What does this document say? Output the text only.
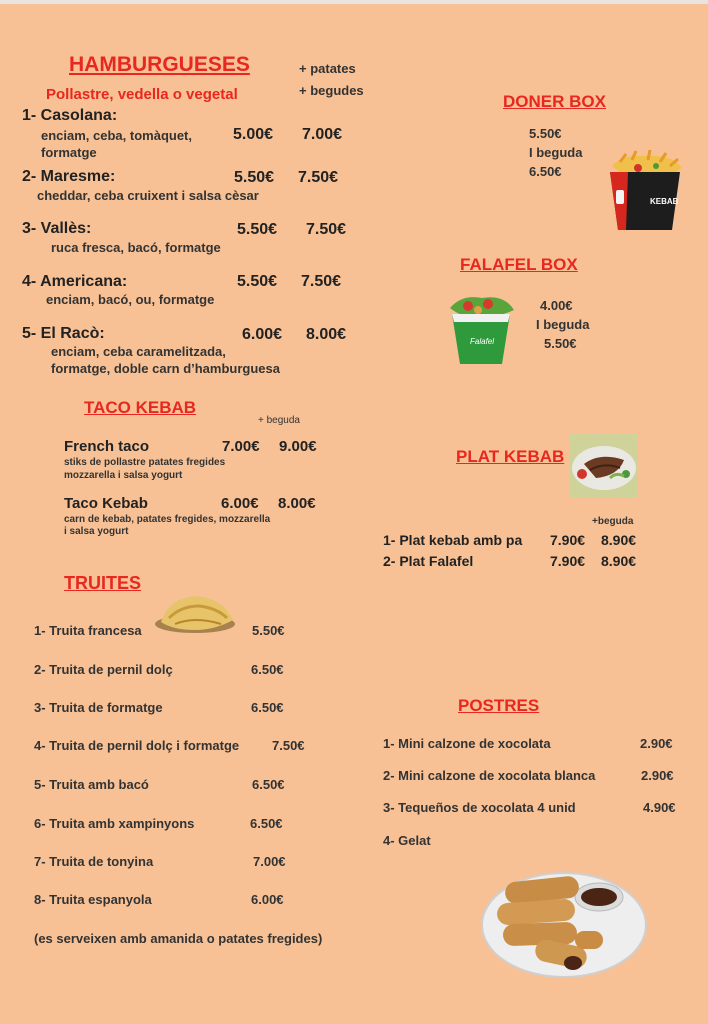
HAMBURGUESES	+ patates
+ begudes
Pollastre, vedella o vegetal
1- Casolana:
enciam, ceba, tomàquet,
formatge
5.00€ 7.00€
2- Maresme:
cheddar, ceba cruixent i salsa cèsar
5.50€ 7.50€
3- Vallès:
ruca fresca, bacó, formatge
5.50€ 7.50€
4- Americana:
enciam, bacó, ou, formatge
5.50€ 7.50€
5- El Racò:
enciam, ceba caramelitzada,
formatge, doble carn d’hamburguesa
6.00€ 8.00€
TACO KEBAB
+ beguda
French taco	7.00€ 9.00€
stiks de pollastre patates fregides
mozzarella i salsa yogurt
Taco Kebab	6.00€ 8.00€
carn de kebab, patates fregides, mozzarella
i salsa yogurt
TRUITES
1- Truita francesa	5.50€
2- Truita de pernil dolç	6.50€
3- Truita de formatge	6.50€
4- Truita de pernil dolç i formatge	7.50€
5- Truita amb bacó	6.50€
6- Truita amb xampinyons	6.50€
7- Truita de tonyina	7.00€
8- Truita espanyola	6.00€
(es serveixen amb amanida o patates fregides)
DONER BOX
5.50€
I beguda
6.50€
KEBAB
FALAFEL BOX
4.00€
I beguda
5.50€
Falafel
PLAT KEBAB
+beguda
1- Plat kebab amb pa 7.90€ 8.90€
2- Plat Falafel	7.90€ 8.90€
POSTRES
1- Mini calzone de xocolata	2.90€
2- Mini calzone de xocolata blanca	2.90€
3- Tequeños de xocolata 4 unid	4.90€
4- Gelat
